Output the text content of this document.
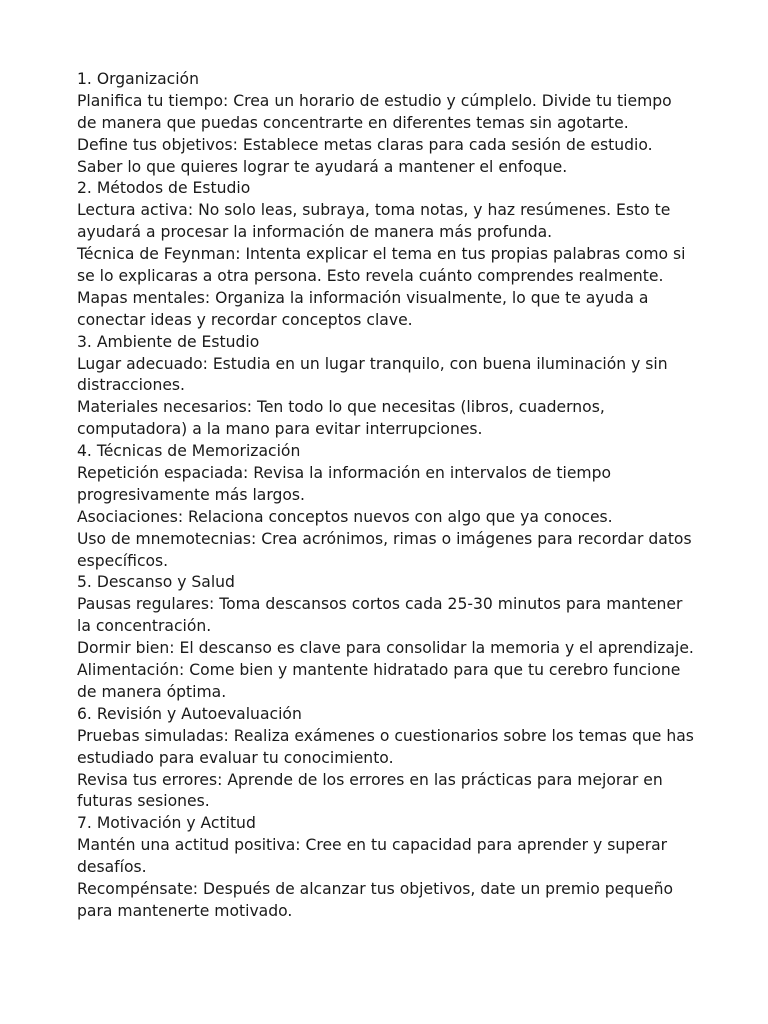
1. Organización
Planifica tu tiempo: Crea un horario de estudio y cúmplelo. Divide tu tiempo
de manera que puedas concentrarte en diferentes temas sin agotarte.
Define tus objetivos: Establece metas claras para cada sesión de estudio.
Saber lo que quieres lograr te ayudará a mantener el enfoque.
2. Métodos de Estudio
Lectura activa: No solo leas, subraya, toma notas, y haz resúmenes. Esto te
ayudará a procesar la información de manera más profunda.
Técnica de Feynman: Intenta explicar el tema en tus propias palabras como si
se lo explicaras a otra persona. Esto revela cuánto comprendes realmente.
Mapas mentales: Organiza la información visualmente, lo que te ayuda a
conectar ideas y recordar conceptos clave.
3. Ambiente de Estudio
Lugar adecuado: Estudia en un lugar tranquilo, con buena iluminación y sin
distracciones.
Materiales necesarios: Ten todo lo que necesitas (libros, cuadernos,
computadora) a la mano para evitar interrupciones.
4. Técnicas de Memorización
Repetición espaciada: Revisa la información en intervalos de tiempo
progresivamente más largos.
Asociaciones: Relaciona conceptos nuevos con algo que ya conoces.
Uso de mnemotecnias: Crea acrónimos, rimas o imágenes para recordar datos
específicos.
5. Descanso y Salud
Pausas regulares: Toma descansos cortos cada 25-30 minutos para mantener
la concentración.
Dormir bien: El descanso es clave para consolidar la memoria y el aprendizaje.
Alimentación: Come bien y mantente hidratado para que tu cerebro funcione
de manera óptima.
6. Revisión y Autoevaluación
Pruebas simuladas: Realiza exámenes o cuestionarios sobre los temas que has
estudiado para evaluar tu conocimiento.
Revisa tus errores: Aprende de los errores en las prácticas para mejorar en
futuras sesiones.
7. Motivación y Actitud
Mantén una actitud positiva: Cree en tu capacidad para aprender y superar
desafíos.
Recompénsate: Después de alcanzar tus objetivos, date un premio pequeño
para mantenerte motivado.
